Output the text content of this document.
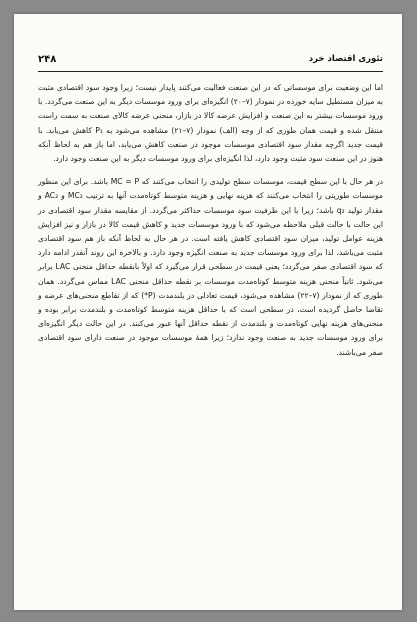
۲۴۸	تئوری اقتصاد خرد

اما این وضعیت برای موسساتی که در این صنعت فعالیت می‌کنند پایدار نیست؛ زیرا وجود سود اقتصادی مثبت به میزان مستطیل سایه خورده در نمودار (۷–۲۰) انگیزه‌ای برای ورود موسسات دیگر به این صنعت می‌گردد. با ورود موسسات بیشتر به این صنعت و افزایش عرضه کالا در بازار، منحنی عرضه کالای صنعت به سمت راست منتقل شده و قیمت همان طوری که از وجه (الف) نمودار (۷–۲۱) مشاهده می‌شود به P₁ کاهش می‌یابد. با قیمت جدید اگرچه مقدار سود اقتصادی موسسات موجود در صنعت کاهش می‌یابد، اما باز هم به لحاظ آنکه هنوز در این صنعت سود مثبت وجود دارد، لذا انگیزه‌ای برای ورود موسسات دیگر به این صنعت وجود دارد.

در هر حال با این سطح قیمت، موسسات سطح تولیدی را انتخاب می‌کنند که MC = P باشد. برای این منظور موسسات طوریتی را انتخاب می‌کنند که هزینه نهایی و هزینه متوسط کوتاه‌مدت آنها به ترتیب MC₂ و AC₂ و مقدار تولید q₂ باشد؛ زیرا با این ظرفیت سود موسسات حداکثر می‌گردد. از مقایسه مقدار سود اقتصادی در این حالت با حالت قبلی ملاحظه می‌شود که با ورود موسسات جدید و کاهش قیمت کالا در بازار و نیز افزایش هزینه عوامل تولید، میزان سود اقتصادی کاهش یافته است. در هر حال به لحاظ آنکه باز هم سود اقتصادی مثبت می‌باشد، لذا برای ورود موسسات جدید به صنعت انگیزه وجود دارد. و بالاخره این روند آنقدر ادامه دارد که سود اقتصادی صفر می‌گردد؛ یعنی قیمت در سطحی قرار می‌گیرد که اولاً بانقطه حداقل منحنی LAC برابر می‌شود. ثانیاً منحنی هزینه متوسط کوتاه‌مدت موسسات بر نقطه حداقل منحنی LAC مماس می‌گردد. همان طوری که از نمودار (۷–۲۲) مشاهده می‌شود، قیمت تعادلی در بلندمدت (P*) که از تقاطع منحنی‌های عرضه و تقاضا حاصل گردیده است، در سطحی است که با حداقل هزینه متوسط کوتاه‌مدت و بلندمدت برابر بوده و منحنی‌های هزینه نهایی کوتاه‌مدت و بلندمدت از نقطه حداقل آنها عبور می‌کنند. در این حالت دیگر انگیزه‌ای برای ورود موسسات جدید به صنعت وجود ندارد؛ زیرا همهٔ موسسات موجود در صنعت دارای سود اقتصادی صفر می‌باشند.
